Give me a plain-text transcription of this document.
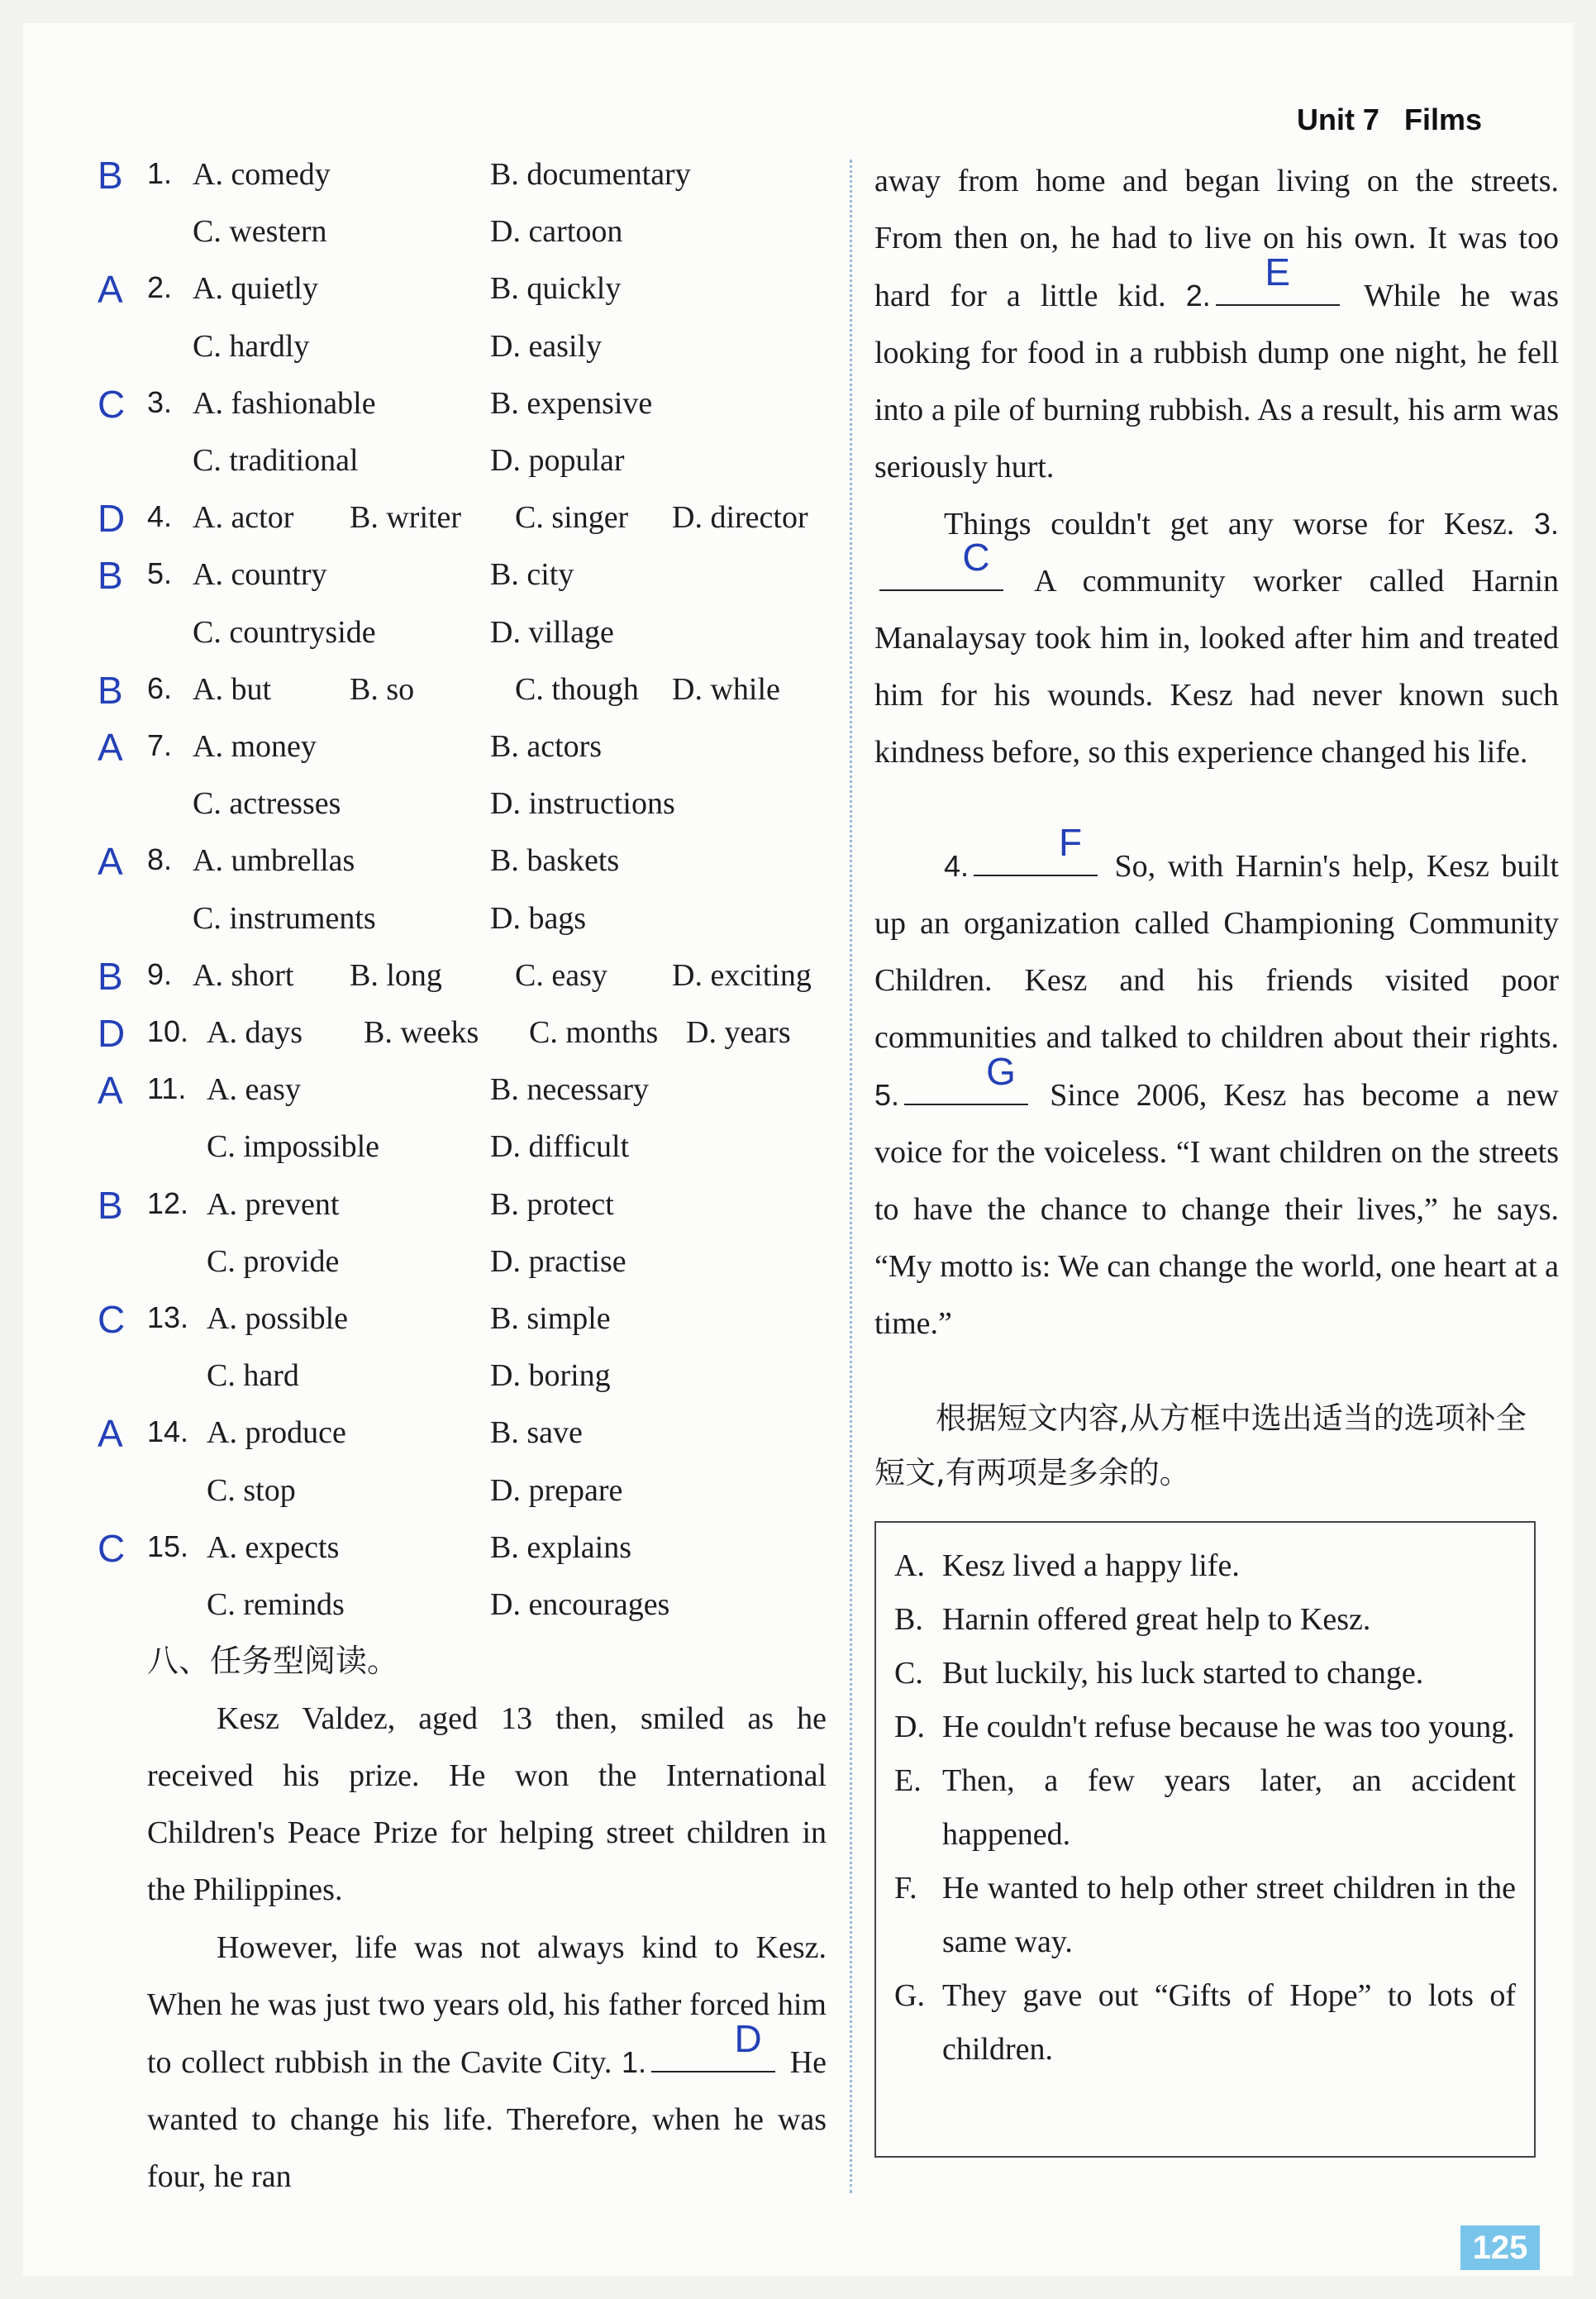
Unit 7 Films
B 1. A. comedy	B. documentary
C. western	D. cartoon
A 2. A. quietly	B. quickly
C. hardly	D. easily
C 3. A. fashionable	B. expensive
C. traditional	D. popular
D 4. A. actor B. writer C. singer D. director
B 5. A. country	B. city
C. countryside	D. village
B 6. A. but	B. so	C. though D. while
A 7. A. money	B. actors
C. actresses	D. instructions
A 8. A. umbrellas	B. baskets
C. instruments	D. bags
B 9. A. short B. long C. easy D. exciting
D 10. A. days B. weeks C. months D. years
A 11. A. easy	B. necessary
C. impossible	D. difficult
B 12. A. prevent	B. protect
C. provide	D. practise
C 13. A. possible	B. simple
C. hard	D. boring
A 14. A. produce	B. save
C. stop	D. prepare
C 15. A. expects	B. explains
C. reminds	D. encourages
八、任务型阅读。
Kesz Valdez, aged 13 then, smiled as he received his prize. He won the International Children's Peace Prize for helping street children in the Philippines.
However, life was not always kind to Kesz. When he was just two years old, his father forced him to collect rubbish in the Cavite City. 1.
D
He wanted to change his life. Therefore, when he was four, he ran
away from home and began living on the streets. From then on, he had to live on his own. It was too hard for a little kid. 2.
E
While he was looking for food in a rubbish dump one night, he fell into a pile of burning rubbish. As a result, his arm was seriously hurt.
Things couldn't get any worse for Kesz. 3.
C
A community worker called Harnin Manalaysay took him in, looked after him and treated him for his wounds. Kesz had never known such kindness before, so this experience changed his life.
4.
F
So, with Harnin's help, Kesz built up an organization called Championing Community Children. Kesz and his friends visited poor communities and talked to children about their rights. 5.
G
Since 2006, Kesz has become a new voice for the voiceless. “I want children on the streets to have the chance to change their lives,” he says. “My motto is: We can change the world, one heart at a time.”
根据短文内容,从方框中选出适当的选项补全短文,有两项是多余的。
A. Kesz lived a happy life.
B. Harnin offered great help to Kesz.
C. But luckily, his luck started to change.
D. He couldn't refuse because he was too young.
E. Then, a few years later, an accident happened.
F. He wanted to help other street children in the same way.
G. They gave out “Gifts of Hope” to lots of children.
125
